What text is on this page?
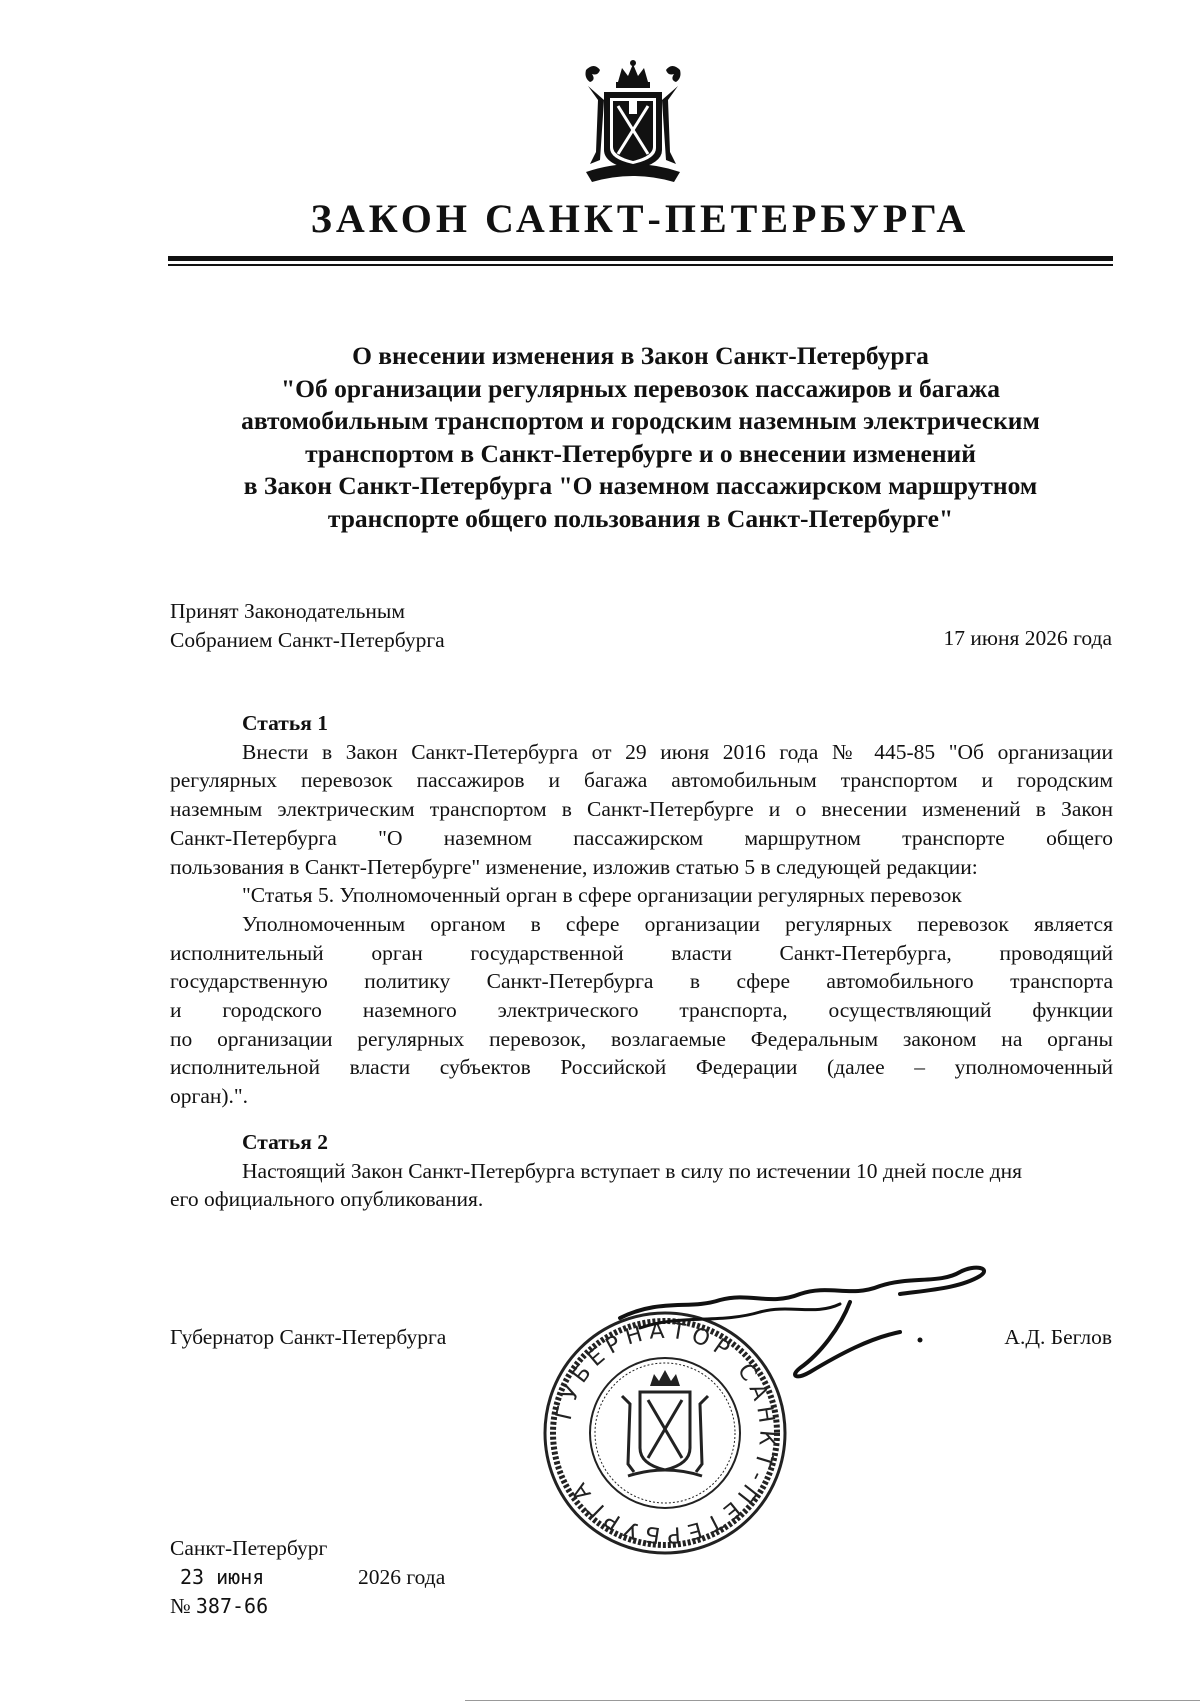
ЗАКОН САНКТ-ПЕТЕРБУРГА
О внесении изменения в Закон Санкт-Петербурга
"Об организации регулярных перевозок пассажиров и багажа
автомобильным транспортом и городским наземным электрическим
транспортом в Санкт-Петербурге и о внесении изменений
в Закон Санкт-Петербурга "О наземном пассажирском маршрутном
транспорте общего пользования в Санкт-Петербурге"
Принят Законодательным
Собранием Санкт-Петербурга	17 июня 2026 года
Статья 1
Внести в Закон Санкт-Петербурга от 29 июня 2016 года № 445-85 "Об организации
регулярных перевозок пассажиров и багажа автомобильным транспортом и городским
наземным электрическим транспортом в Санкт-Петербурге и о внесении изменений в Закон
Санкт-Петербурга "О наземном пассажирском маршрутном транспорте общего
пользования в Санкт-Петербурге" изменение, изложив статью 5 в следующей редакции:
"Статья 5. Уполномоченный орган в сфере организации регулярных перевозок
Уполномоченным органом в сфере организации регулярных перевозок является
исполнительный орган государственной власти Санкт-Петербурга, проводящий
государственную политику Санкт-Петербурга в сфере автомобильного транспорта
и городского наземного электрического транспорта, осуществляющий функции
по организации регулярных перевозок, возлагаемые Федеральным законом на органы
исполнительной власти субъектов Российской Федерации (далее – уполномоченный
орган).".
Статья 2
Настоящий Закон Санкт-Петербурга вступает в силу по истечении 10 дней после дня
его официального опубликования.
Губернатор Санкт-Петербурга	А.Д. Беглов
ГУБЕРНАТОР САНКТ-ПЕТЕРБУРГА
Санкт-Петербург
23 июня	2026 года
№ 387-66
